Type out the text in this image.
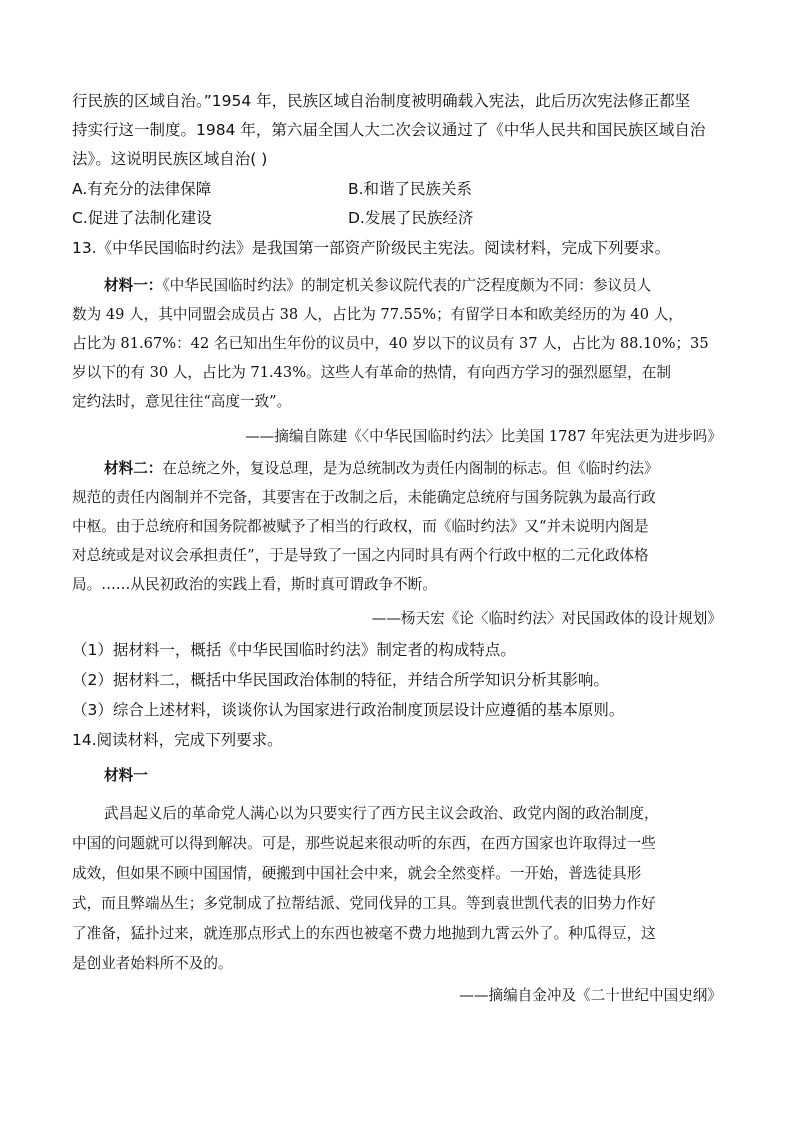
行民族的区域自治。”1954 年，民族区域自治制度被明确载入宪法，此后历次宪法修正都坚
持实行这一制度。1984 年，第六届全国人大二次会议通过了《中华人民共和国民族区域自治
法》。这说明民族区域自治( )
A.有充分的法律保障	B.和谐了民族关系
C.促进了法制化建设	D.发展了民族经济
13.《中华民国临时约法》是我国第一部资产阶级民主宪法。阅读材料，完成下列要求。
材料一：《中华民国临时约法》的制定机关参议院代表的广泛程度颇为不同：参议员人
数为 49 人，其中同盟会成员占 38 人，占比为 77.55%；有留学日本和欧美经历的为 40 人，
占比为 81.67%：42 名已知出生年份的议员中，40 岁以下的议员有 37 人，占比为 88.10%；35
岁以下的有 30 人，占比为 71.43%。这些人有革命的热情，有向西方学习的强烈愿望，在制
定约法时，意见往往“高度一致”。
——摘编自陈建《〈中华民国临时约法〉比美国 1787 年宪法更为进步吗》
材料二：在总统之外，复设总理，是为总统制改为责任内阁制的标志。但《临时约法》
规范的责任内阁制并不完备，其要害在于改制之后，未能确定总统府与国务院孰为最高行政
中枢。由于总统府和国务院都被赋予了相当的行政权，而《临时约法》又“并未说明内阁是
对总统或是对议会承担责任”，于是导致了一国之内同时具有两个行政中枢的二元化政体格
局。……从民初政治的实践上看，斯时真可谓政争不断。
——杨天宏《论〈临时约法〉对民国政体的设计规划》
（1）据材料一，概括《中华民国临时约法》制定者的构成特点。
（2）据材料二，概括中华民国政治体制的特征，并结合所学知识分析其影响。
（3）综合上述材料，谈谈你认为国家进行政治制度顶层设计应遵循的基本原则。
14.阅读材料，完成下列要求。
材料一
武昌起义后的革命党人满心以为只要实行了西方民主议会政治、政党内阁的政治制度，
中国的问题就可以得到解决。可是，那些说起来很动听的东西，在西方国家也许取得过一些
成效，但如果不顾中国国情，硬搬到中国社会中来，就会全然变样。一开始，普选徒具形
式，而且弊端丛生；多党制成了拉帮结派、党同伐异的工具。等到袁世凯代表的旧势力作好
了准备，猛扑过来，就连那点形式上的东西也被毫不费力地抛到九霄云外了。种瓜得豆，这
是创业者始料所不及的。
——摘编自金冲及《二十世纪中国史纲》
